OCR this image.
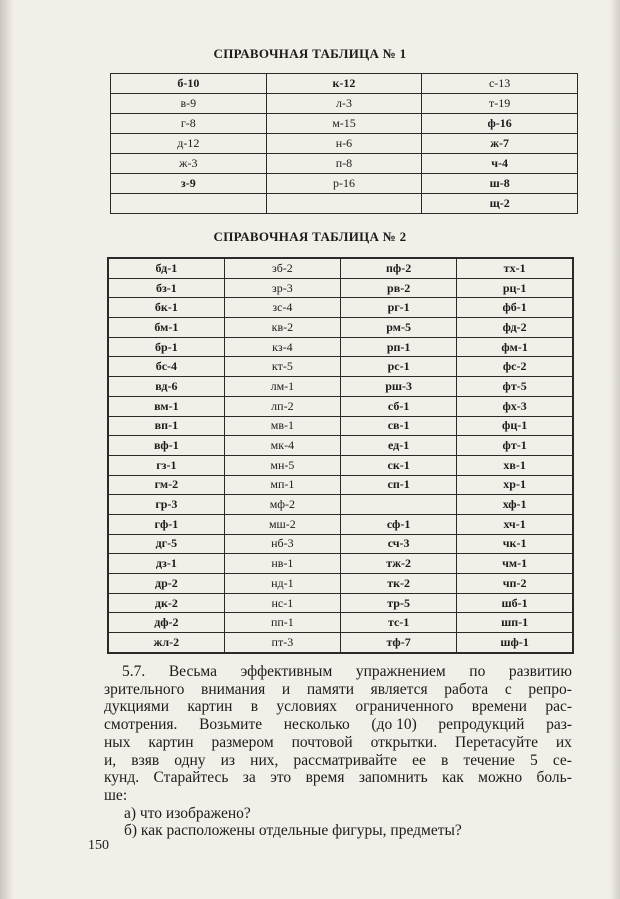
СПРАВОЧНАЯ ТАБЛИЦА № 1
б-10	к-12	с-13
в-9	л-3	т-19
г-8	м-15	ф-16
д-12	н-6	ж-7
ж-3	п-8	ч-4
з-9	р-16	ш-8
		щ-2
СПРАВОЧНАЯ ТАБЛИЦА № 2
бд-1	зб-2	пф-2	тх-1
бз-1	зр-3	рв-2	рц-1
бк-1	зс-4	рг-1	фб-1
бм-1	кв-2	рм-5	фд-2
бр-1	кз-4	рп-1	фм-1
бс-4	кт-5	рс-1	фс-2
вд-6	лм-1	рш-3	фт-5
вм-1	лп-2	сб-1	фх-3
вп-1	мв-1	св-1	фц-1
вф-1	мк-4	ед-1	фт-1
гз-1	мн-5	ск-1	хв-1
гм-2	мп-1	сп-1	хр-1
гр-3	мф-2		хф-1
гф-1	мш-2	сф-1	хч-1
дг-5	нб-3	сч-3	чк-1
дз-1	нв-1	тж-2	чм-1
др-2	нд-1	тк-2	чп-2
дк-2	нс-1	тр-5	шб-1
дф-2	пп-1	тс-1	шп-1
жл-2	пт-3	тф-7	шф-1
5.7. Весьма эффективным упражнением по развитию
зрительного внимания и памяти является работа с репро-
дукциями картин в условиях ограниченного времени рас-
смотрения. Возьмите несколько (до 10) репродукций раз-
ных картин размером почтовой открытки. Перетасуйте их
и, взяв одну из них, рассматривайте ее в течение 5 се-
кунд. Старайтесь за это время запомнить как можно боль-
ше:
а) что изображено?
б) как расположены отдельные фигуры, предметы?
150
